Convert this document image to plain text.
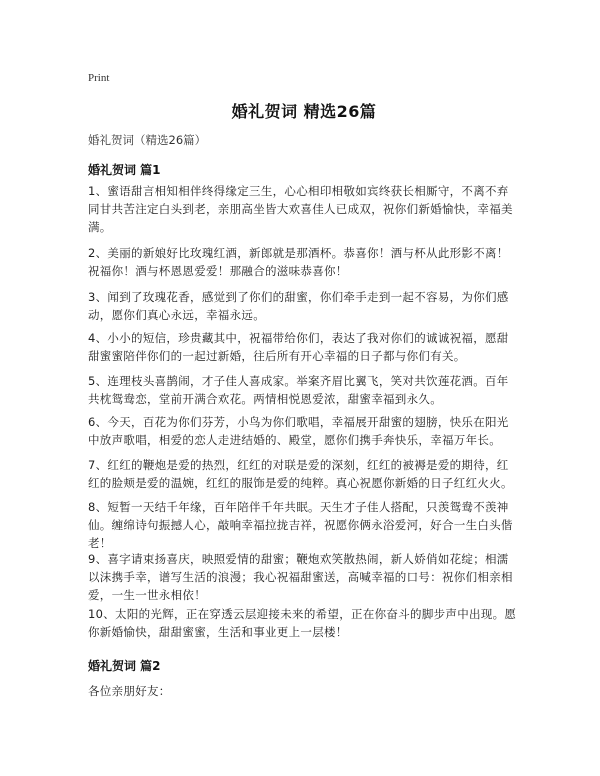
Print
婚礼贺词 精选26篇
婚礼贺词（精选26篇）
婚礼贺词 篇1
1、蜜语甜言相知相伴终得缘定三生，心心相印相敬如宾终获长相厮守，不离不弃同甘共苦注定白头到老，亲朋高坐皆大欢喜佳人已成双，祝你们新婚愉快，幸福美满。
2、美丽的新娘好比玫瑰红酒，新郎就是那酒杯。恭喜你！酒与杯从此形影不离！祝福你！酒与杯恩恩爱爱！那融合的滋味恭喜你！
3、闻到了玫瑰花香，感觉到了你们的甜蜜，你们牵手走到一起不容易，为你们感动，愿你们真心永远，幸福永远。
4、小小的短信，珍贵藏其中，祝福带给你们，表达了我对你们的诚诚祝福，愿甜甜蜜蜜陪伴你们的一起过新婚，往后所有开心幸福的日子都与你们有关。
5、连理枝头喜鹊闹，才子佳人喜成家。举案齐眉比翼飞，笑对共饮莲花酒。百年共枕鸳鸯恋，堂前开满合欢花。两情相悦恩爱浓，甜蜜幸福到永久。
6、今天，百花为你们芬芳，小鸟为你们歌唱，幸福展开甜蜜的翅膀，快乐在阳光中放声歌唱，相爱的恋人走进结婚的、殿堂，愿你们携手奔快乐，幸福万年长。
7、红红的鞭炮是爱的热烈，红红的对联是爱的深刻，红红的被褥是爱的期待，红红的脸颊是爱的温婉，红红的服饰是爱的纯粹。真心祝愿你新婚的日子红红火火。
8、短暂一天结千年缘，百年陪伴千年共眠。天生才子佳人搭配，只羡鸳鸯不羡神仙。缠绵诗句振撼人心，敲响幸福拉拢吉祥，祝愿你俩永浴爱河，好合一生白头偕老！
9、喜字请束扬喜庆，映照爱情的甜蜜；鞭炮欢笑散热闹，新人娇俏如花绽；相濡以沫携手幸，谱写生活的浪漫；我心祝福甜蜜送，高喊幸福的口号：祝你们相亲相爱，一生一世永相依！
10、太阳的光辉，正在穿透云层迎接未来的希望，正在你奋斗的脚步声中出现。愿你新婚愉快，甜甜蜜蜜，生活和事业更上一层楼！
婚礼贺词 篇2
各位亲朋好友：
